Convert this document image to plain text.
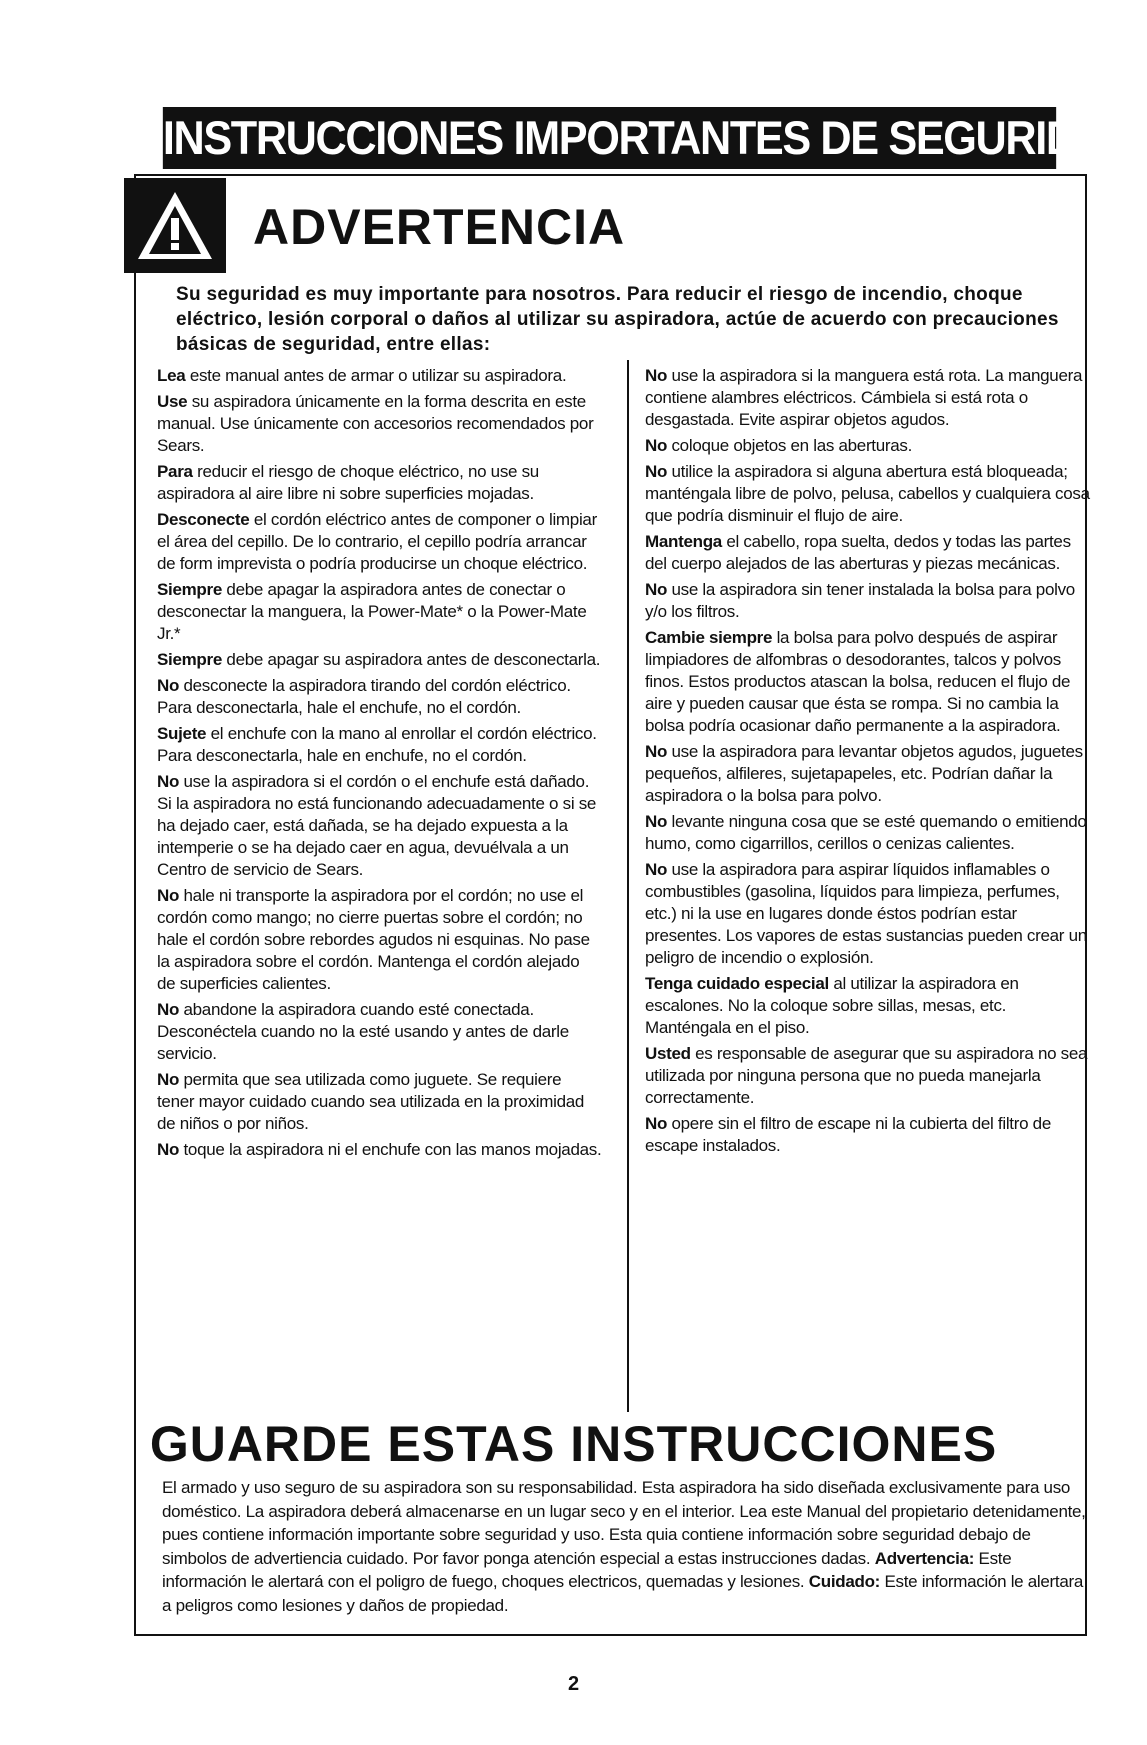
INSTRUCCIONES IMPORTANTES DE SEGURIDAD
ADVERTENCIA
Su seguridad es muy importante para nosotros. Para reducir el riesgo de incendio, choque eléctrico, lesión corporal o daños al utilizar su aspiradora, actúe de acuerdo con precauciones básicas de seguridad, entre ellas:
Lea este manual antes de armar o utilizar su aspiradora.
Use su aspiradora únicamente en la forma descrita en este manual. Use únicamente con accesorios recomendados por Sears.
Para reducir el riesgo de choque eléctrico, no use su aspiradora al aire libre ni sobre superficies mojadas.
Desconecte el cordón eléctrico antes de componer o limpiar el área del cepillo. De lo contrario, el cepillo podría arrancar de form imprevista o podría producirse un choque eléctrico.
Siempre debe apagar la aspiradora antes de conectar o desconectar la manguera, la Power-Mate* o la Power-Mate Jr.*
Siempre debe apagar su aspiradora antes de desconectarla.
No desconecte la aspiradora tirando del cordón eléctrico. Para desconectarla, hale el enchufe, no el cordón.
Sujete el enchufe con la mano al enrollar el cordón eléctrico. Para desconectarla, hale en enchufe, no el cordón.
No use la aspiradora si el cordón o el enchufe está dañado. Si la aspiradora no está funcionando adecuadamente o si se ha dejado caer, está dañada, se ha dejado expuesta a la intemperie o se ha dejado caer en agua, devuélvala a un Centro de servicio de Sears.
No hale ni transporte la aspiradora por el cordón; no use el cordón como mango; no cierre puertas sobre el cordón; no hale el cordón sobre rebordes agudos ni esquinas. No pase la aspiradora sobre el cordón. Mantenga el cordón alejado de superficies calientes.
No abandone la aspiradora cuando esté conectada. Desconéctela cuando no la esté usando y antes de darle servicio.
No permita que sea utilizada como juguete. Se requiere tener mayor cuidado cuando sea utilizada en la proximidad de niños o por niños.
No toque la aspiradora ni el enchufe con las manos mojadas.
No use la aspiradora si la manguera está rota. La manguera contiene alambres eléctricos. Cámbiela si está rota o desgastada. Evite aspirar objetos agudos.
No coloque objetos en las aberturas.
No utilice la aspiradora si alguna abertura está bloqueada; manténgala libre de polvo, pelusa, cabellos y cualquiera cosa que podría disminuir el flujo de aire.
Mantenga el cabello, ropa suelta, dedos y todas las partes del cuerpo alejados de las aberturas y piezas mecánicas.
No use la aspiradora sin tener instalada la bolsa para polvo y/o los filtros.
Cambie siempre la bolsa para polvo después de aspirar limpiadores de alfombras o desodorantes, talcos y polvos finos. Estos productos atascan la bolsa, reducen el flujo de aire y pueden causar que ésta se rompa. Si no cambia la bolsa podría ocasionar daño permanente a la aspiradora.
No use la aspiradora para levantar objetos agudos, juguetes pequeños, alfileres, sujetapapeles, etc. Podrían dañar la aspiradora o la bolsa para polvo.
No levante ninguna cosa que se esté quemando o emitiendo humo, como cigarrillos, cerillos o cenizas calientes.
No use la aspiradora para aspirar líquidos inflamables o combustibles (gasolina, líquidos para limpieza, perfumes, etc.) ni la use en lugares donde éstos podrían estar presentes. Los vapores de estas sustancias pueden crear un peligro de incendio o explosión.
Tenga cuidado especial al utilizar la aspiradora en escalones. No la coloque sobre sillas, mesas, etc. Manténgala en el piso.
Usted es responsable de asegurar que su aspiradora no sea utilizada por ninguna persona que no pueda manejarla correctamente.
No opere sin el filtro de escape ni la cubierta del filtro de escape instalados.
GUARDE ESTAS INSTRUCCIONES
El armado y uso seguro de su aspiradora son su responsabilidad. Esta aspiradora ha sido diseñada exclusivamente para uso doméstico. La aspiradora deberá almacenarse en un lugar seco y en el interior. Lea este Manual del propietario detenidamente, pues contiene información importante sobre seguridad y uso. Esta quia contiene información sobre seguridad debajo de simbolos de advertiencia cuidado. Por favor ponga atención especial a estas instrucciones dadas. Advertencia: Este información le alertará con el poligro de fuego, choques electricos, quemadas y lesiones. Cuidado: Este información le alertara a peligros como lesiones y daños de propiedad.
2
